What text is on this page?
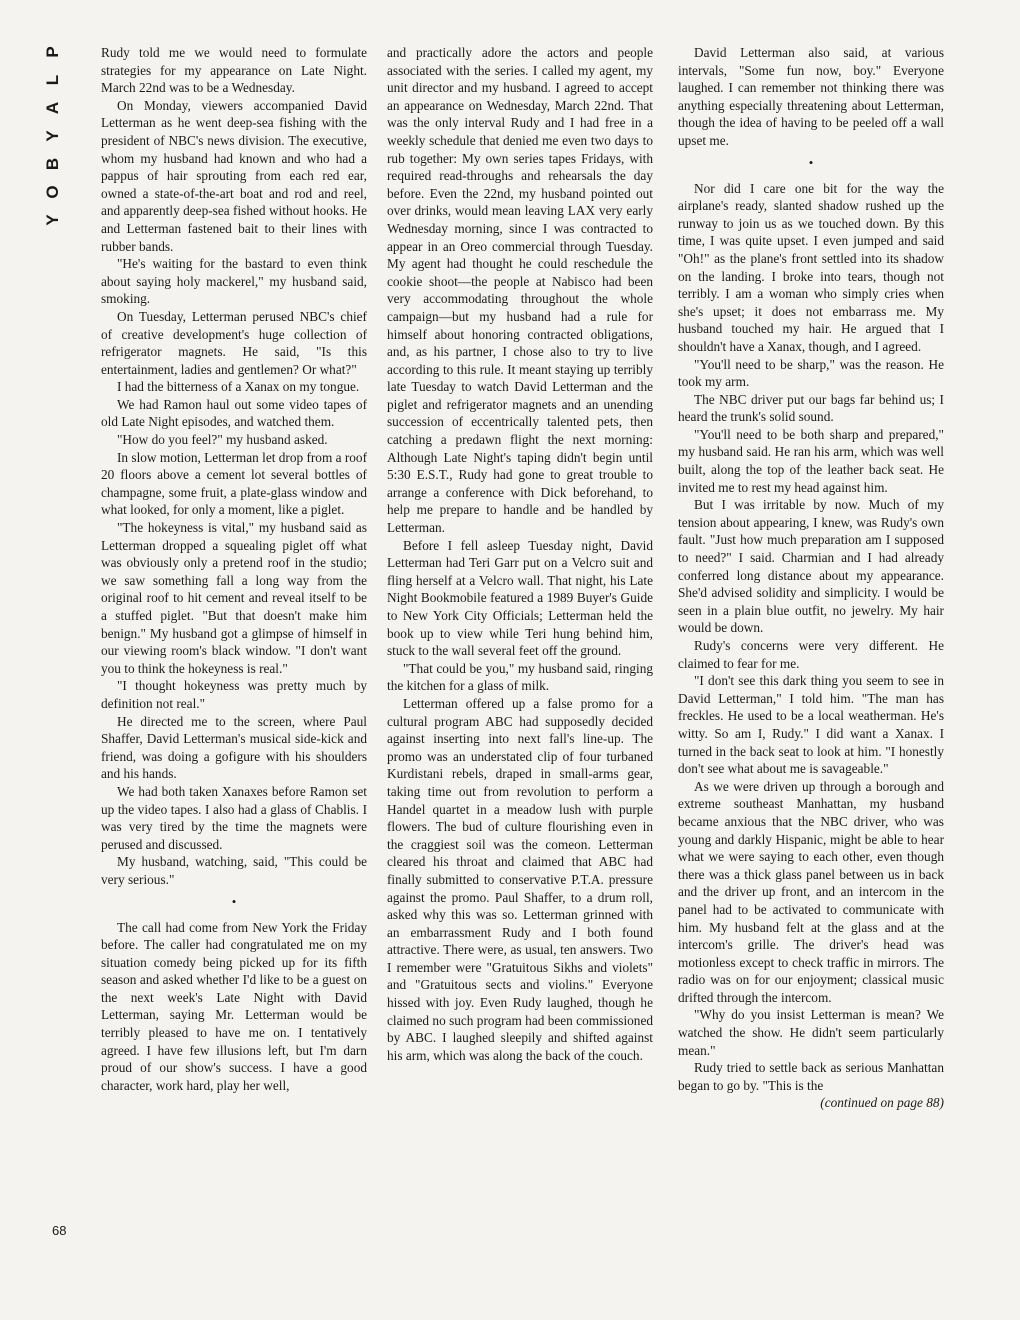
P
L
A
Y
B
O
Y
68

Rudy told me we would need to formulate strategies for my appearance on Late Night. March 22nd was to be a Wednesday.

On Monday, viewers accompanied David Letterman as he went deep-sea fishing with the president of NBC's news division. The executive, whom my husband had known and who had a pappus of hair sprouting from each red ear, owned a state-of-the-art boat and rod and reel, and apparently deep-sea fished without hooks. He and Letterman fastened bait to their lines with rubber bands.

"He's waiting for the bastard to even think about saying holy mackerel," my husband said, smoking.

On Tuesday, Letterman perused NBC's chief of creative development's huge collection of refrigerator magnets. He said, "Is this entertainment, ladies and gentlemen? Or what?"

I had the bitterness of a Xanax on my tongue.

We had Ramon haul out some video tapes of old Late Night episodes, and watched them.

"How do you feel?" my husband asked.

In slow motion, Letterman let drop from a roof 20 floors above a cement lot several bottles of champagne, some fruit, a plate-glass window and what looked, for only a moment, like a piglet.

"The hokeyness is vital," my husband said as Letterman dropped a squealing piglet off what was obviously only a pretend roof in the studio; we saw something fall a long way from the original roof to hit cement and reveal itself to be a stuffed piglet. "But that doesn't make him benign." My husband got a glimpse of himself in our viewing room's black window. "I don't want you to think the hokeyness is real."

"I thought hokeyness was pretty much by definition not real."

He directed me to the screen, where Paul Shaffer, David Letterman's musical side-kick and friend, was doing a gofigure with his shoulders and his hands.

We had both taken Xanaxes before Ramon set up the video tapes. I also had a glass of Chablis. I was very tired by the time the magnets were perused and discussed.

My husband, watching, said, "This could be very serious."

•

The call had come from New York the Friday before. The caller had congratulated me on my situation comedy being picked up for its fifth season and asked whether I'd like to be a guest on the next week's Late Night with David Letterman, saying Mr. Letterman would be terribly pleased to have me on. I tentatively agreed. I have few illusions left, but I'm darn proud of our show's success. I have a good character, work hard, play her well,

and practically adore the actors and people associated with the series. I called my agent, my unit director and my husband. I agreed to accept an appearance on Wednesday, March 22nd. That was the only interval Rudy and I had free in a weekly schedule that denied me even two days to rub together: My own series tapes Fridays, with required read-throughs and rehearsals the day before. Even the 22nd, my husband pointed out over drinks, would mean leaving LAX very early Wednesday morning, since I was contracted to appear in an Oreo commercial through Tuesday. My agent had thought he could reschedule the cookie shoot—the people at Nabisco had been very accommodating throughout the whole campaign—but my husband had a rule for himself about honoring contracted obligations, and, as his partner, I chose also to try to live according to this rule. It meant staying up terribly late Tuesday to watch David Letterman and the piglet and refrigerator magnets and an unending succession of eccentrically talented pets, then catching a predawn flight the next morning: Although Late Night's taping didn't begin until 5:30 E.S.T., Rudy had gone to great trouble to arrange a conference with Dick beforehand, to help me prepare to handle and be handled by Letterman.

Before I fell asleep Tuesday night, David Letterman had Teri Garr put on a Velcro suit and fling herself at a Velcro wall. That night, his Late Night Bookmobile featured a 1989 Buyer's Guide to New York City Officials; Letterman held the book up to view while Teri hung behind him, stuck to the wall several feet off the ground.

"That could be you," my husband said, ringing the kitchen for a glass of milk.

Letterman offered up a false promo for a cultural program ABC had supposedly decided against inserting into next fall's line-up. The promo was an understated clip of four turbaned Kurdistani rebels, draped in small-arms gear, taking time out from revolution to perform a Handel quartet in a meadow lush with purple flowers. The bud of culture flourishing even in the craggiest soil was the comeon. Letterman cleared his throat and claimed that ABC had finally submitted to conservative P.T.A. pressure against the promo. Paul Shaffer, to a drum roll, asked why this was so. Letterman grinned with an embarrassment Rudy and I both found attractive. There were, as usual, ten answers. Two I remember were "Gratuitous Sikhs and violets" and "Gratuitous sects and violins." Everyone hissed with joy. Even Rudy laughed, though he claimed no such program had been commissioned by ABC. I laughed sleepily and shifted against his arm, which was along the back of the couch.

David Letterman also said, at various intervals, "Some fun now, boy." Everyone laughed. I can remember not thinking there was anything especially threatening about Letterman, though the idea of having to be peeled off a wall upset me.

•

Nor did I care one bit for the way the airplane's ready, slanted shadow rushed up the runway to join us as we touched down. By this time, I was quite upset. I even jumped and said "Oh!" as the plane's front settled into its shadow on the landing. I broke into tears, though not terribly. I am a woman who simply cries when she's upset; it does not embarrass me. My husband touched my hair. He argued that I shouldn't have a Xanax, though, and I agreed.

"You'll need to be sharp," was the reason. He took my arm.

The NBC driver put our bags far behind us; I heard the trunk's solid sound.

"You'll need to be both sharp and prepared," my husband said. He ran his arm, which was well built, along the top of the leather back seat. He invited me to rest my head against him.

But I was irritable by now. Much of my tension about appearing, I knew, was Rudy's own fault. "Just how much preparation am I supposed to need?" I said. Charmian and I had already conferred long distance about my appearance. She'd advised solidity and simplicity. I would be seen in a plain blue outfit, no jewelry. My hair would be down.

Rudy's concerns were very different. He claimed to fear for me.

"I don't see this dark thing you seem to see in David Letterman," I told him. "The man has freckles. He used to be a local weatherman. He's witty. So am I, Rudy." I did want a Xanax. I turned in the back seat to look at him. "I honestly don't see what about me is savageable."

As we were driven up through a borough and extreme southeast Manhattan, my husband became anxious that the NBC driver, who was young and darkly Hispanic, might be able to hear what we were saying to each other, even though there was a thick glass panel between us in back and the driver up front, and an intercom in the panel had to be activated to communicate with him. My husband felt at the glass and at the intercom's grille. The driver's head was motionless except to check traffic in mirrors. The radio was on for our enjoyment; classical music drifted through the intercom.

"Why do you insist Letterman is mean? We watched the show. He didn't seem particularly mean."

Rudy tried to settle back as serious Manhattan began to go by. "This is the

(continued on page 88)
